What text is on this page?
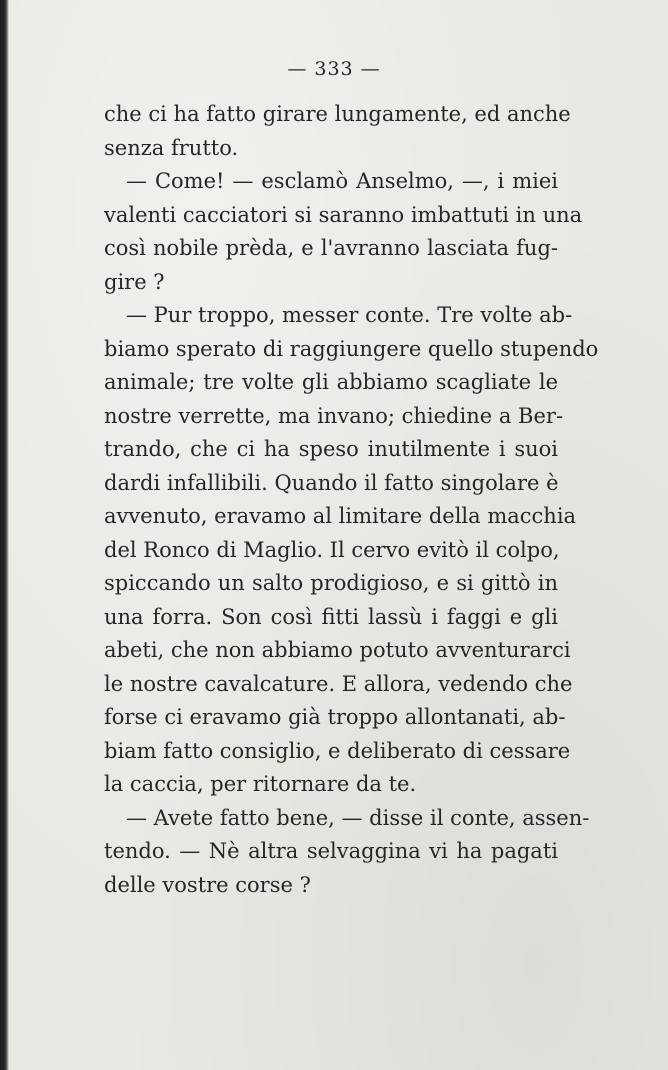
— 333 —
che ci ha fatto girare lungamente, ed anche
senza frutto.
— Come! — esclamò Anselmo, —, i miei
valenti cacciatori si saranno imbattuti in una
così nobile prèda, e l'avranno lasciata fug-
gire ?
— Pur troppo, messer conte. Tre volte ab-
biamo sperato di raggiungere quello stupendo
animale; tre volte gli abbiamo scagliate le
nostre verrette, ma invano; chiedine a Ber-
trando, che ci ha speso inutilmente i suoi
dardi infallibili. Quando il fatto singolare è
avvenuto, eravamo al limitare della macchia
del Ronco di Maglio. Il cervo evitò il colpo,
spiccando un salto prodigioso, e si gittò in
una forra. Son così fitti lassù i faggi e gli
abeti, che non abbiamo potuto avventurarci
le nostre cavalcature. E allora, vedendo che
forse ci eravamo già troppo allontanati, ab-
biam fatto consiglio, e deliberato di cessare
la caccia, per ritornare da te.
— Avete fatto bene, — disse il conte, assen-
tendo. — Nè altra selvaggina vi ha pagati
delle vostre corse ?
